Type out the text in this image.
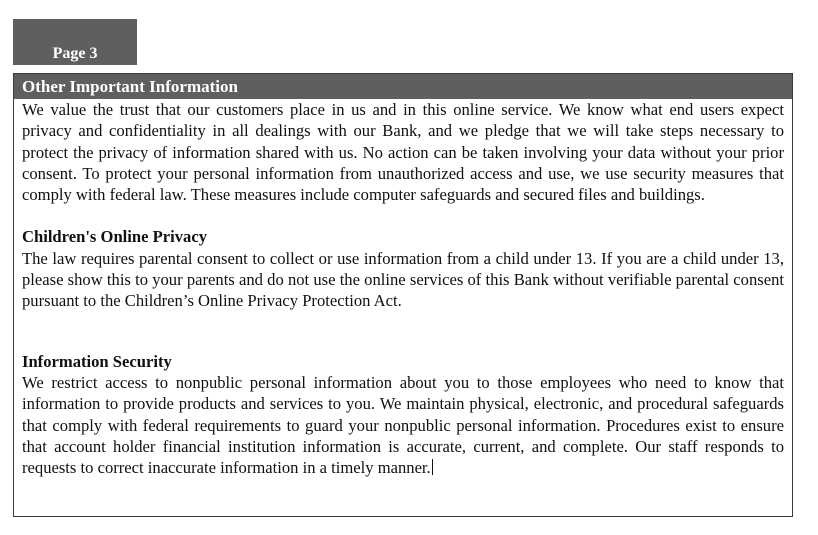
Page 3
Other Important Information

We value the trust that our customers place in us and in this online service. We know what end users expect privacy and confidentiality in all dealings with our Bank, and we pledge that we will take steps necessary to protect the privacy of information shared with us. No action can be taken involving your data without your prior consent. To protect your personal information from unauthorized access and use, we use security measures that comply with federal law. These measures include computer safeguards and secured files and buildings.

Children's Online Privacy

The law requires parental consent to collect or use information from a child under 13. If you are a child under 13, please show this to your parents and do not use the online services of this Bank without verifiable parental consent pursuant to the Children’s Online Privacy Protection Act.

Information Security

We restrict access to nonpublic personal information about you to those employees who need to know that information to provide products and services to you. We maintain physical, electronic, and procedural safeguards that comply with federal requirements to guard your nonpublic personal information. Procedures exist to ensure that account holder financial institution information is accurate, current, and complete. Our staff responds to requests to correct inaccurate information in a timely manner.
